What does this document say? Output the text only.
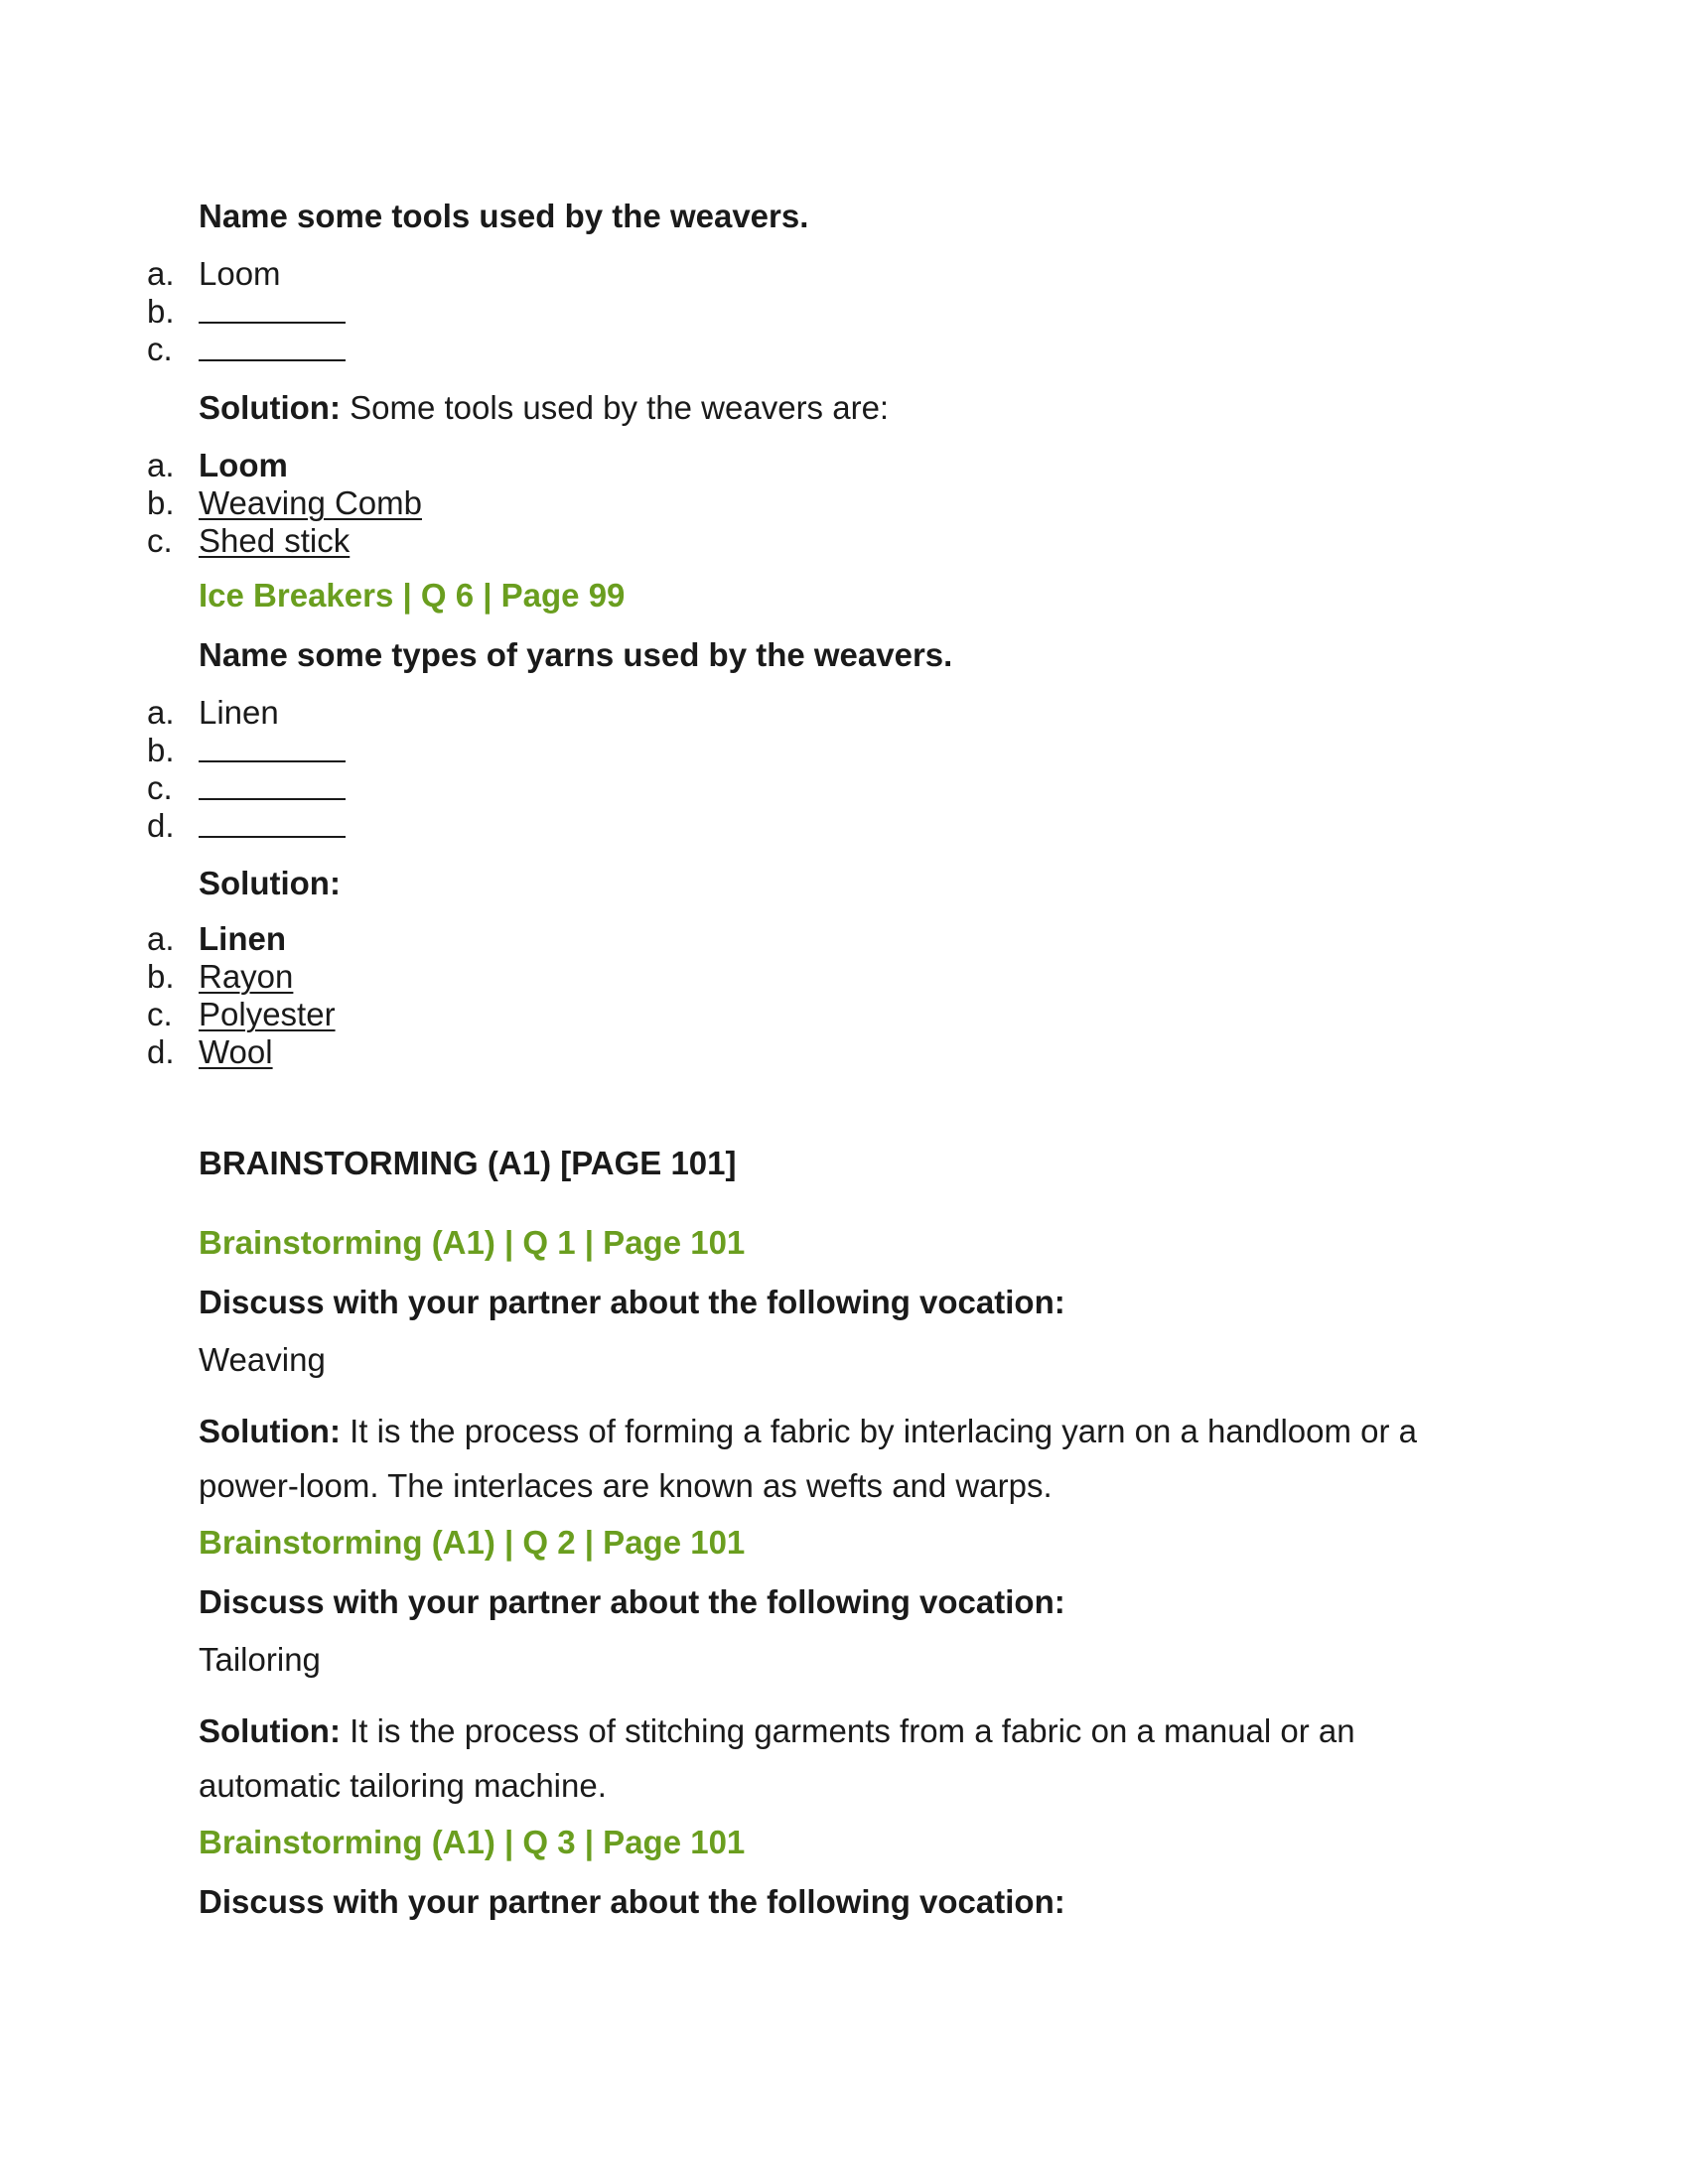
Name some tools used by the weavers.
a. Loom
b.
c.
Solution: Some tools used by the weavers are:
a. Loom
b. Weaving Comb
c. Shed stick
Ice Breakers | Q 6 | Page 99
Name some types of yarns used by the weavers.
a. Linen
b.
c.
d.
Solution:
a. Linen
b. Rayon
c. Polyester
d. Wool
BRAINSTORMING (A1) [PAGE 101]
Brainstorming (A1) | Q 1 | Page 101
Discuss with your partner about the following vocation:
Weaving
Solution: It is the process of forming a fabric by interlacing yarn on a handloom or a power-loom. The interlaces are known as wefts and warps.
Brainstorming (A1) | Q 2 | Page 101
Discuss with your partner about the following vocation:
Tailoring
Solution: It is the process of stitching garments from a fabric on a manual or an automatic tailoring machine.
Brainstorming (A1) | Q 3 | Page 101
Discuss with your partner about the following vocation:
